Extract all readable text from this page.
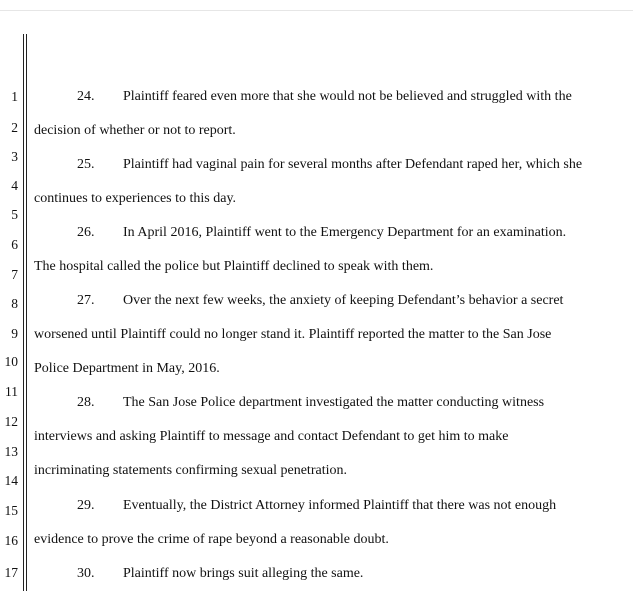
1
2
3
4
5
6
7
8
9
10
11
12
13
14
15
16
17
24. Plaintiff feared even more that she would not be believed and struggled with the
decision of whether or not to report.
25. Plaintiff had vaginal pain for several months after Defendant raped her, which she
continues to experiences to this day.
26. In April 2016, Plaintiff went to the Emergency Department for an examination.
The hospital called the police but Plaintiff declined to speak with them.
27. Over the next few weeks, the anxiety of keeping Defendant’s behavior a secret
worsened until Plaintiff could no longer stand it. Plaintiff reported the matter to the San Jose
Police Department in May, 2016.
28. The San Jose Police department investigated the matter conducting witness
interviews and asking Plaintiff to message and contact Defendant to get him to make
incriminating statements confirming sexual penetration.
29. Eventually, the District Attorney informed Plaintiff that there was not enough
evidence to prove the crime of rape beyond a reasonable doubt.
30. Plaintiff now brings suit alleging the same.
